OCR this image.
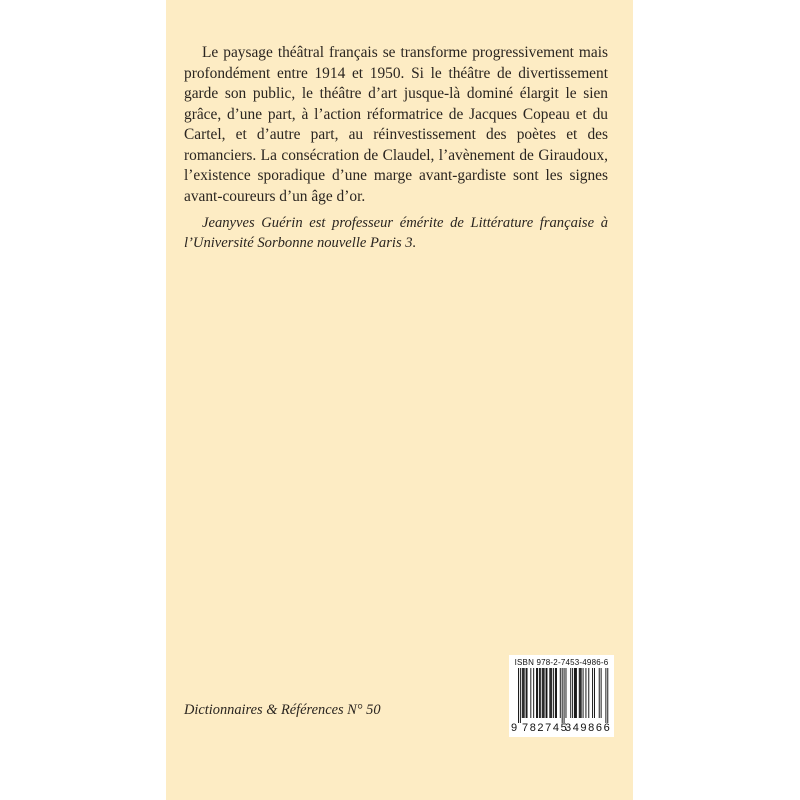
Le paysage théâtral français se transforme progressivement mais profondément entre 1914 et 1950. Si le théâtre de divertissement garde son public, le théâtre d’art jusque-là dominé élargit le sien grâce, d’une part, à l’action réformatrice de Jacques Copeau et du Cartel, et d’autre part, au réinvestissement des poètes et des romanciers. La consécration de Claudel, l’avènement de Giraudoux, l’existence sporadique d’une marge avant-gardiste sont les signes avant-coureurs d’un âge d’or.

Jeanyves Guérin est professeur émérite de Littérature française à l’Université Sorbonne nouvelle Paris 3.

Dictionnaires & Références N° 50
ISBN 978-2-7453-4986-6
9 782745
349866
